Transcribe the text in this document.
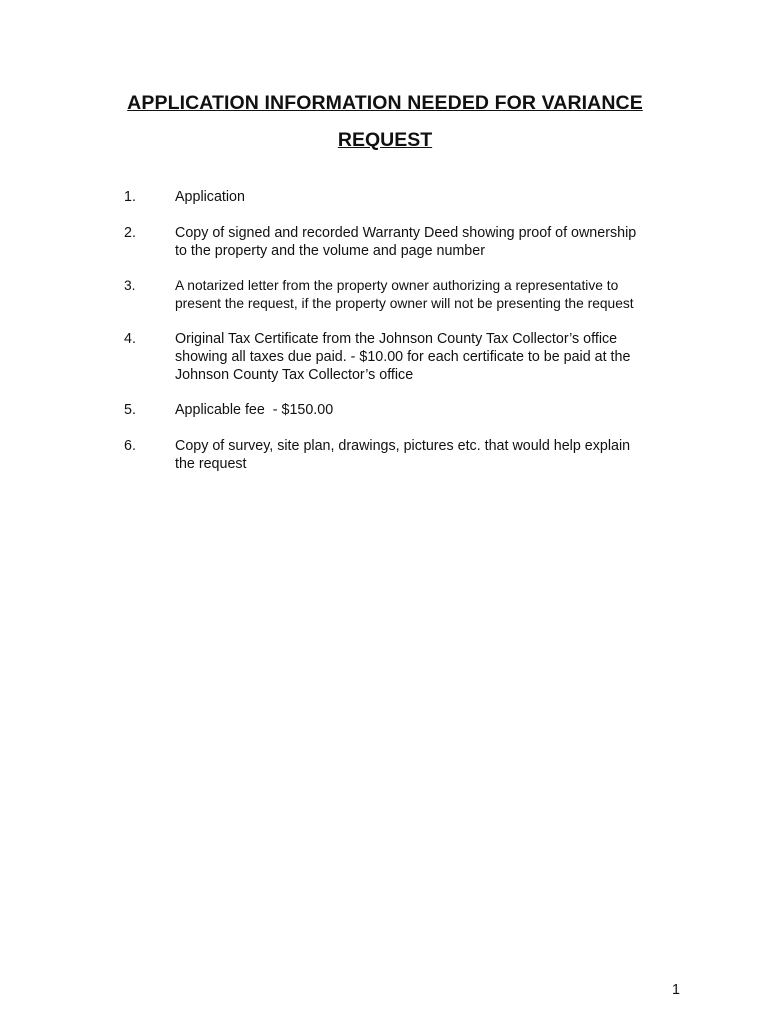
APPLICATION INFORMATION NEEDED FOR VARIANCE
REQUEST
1.	Application
2.	Copy of signed and recorded Warranty Deed showing proof of ownership
to the property and the volume and page number
3.	A notarized letter from the property owner authorizing a representative to
present the request, if the property owner will not be presenting the request
4.	Original Tax Certificate from the Johnson County Tax Collector’s office
showing all taxes due paid. - $10.00 for each certificate to be paid at the
Johnson County Tax Collector’s office
5.	Applicable fee  - $150.00
6.	Copy of survey, site plan, drawings, pictures etc. that would help explain
the request
1
